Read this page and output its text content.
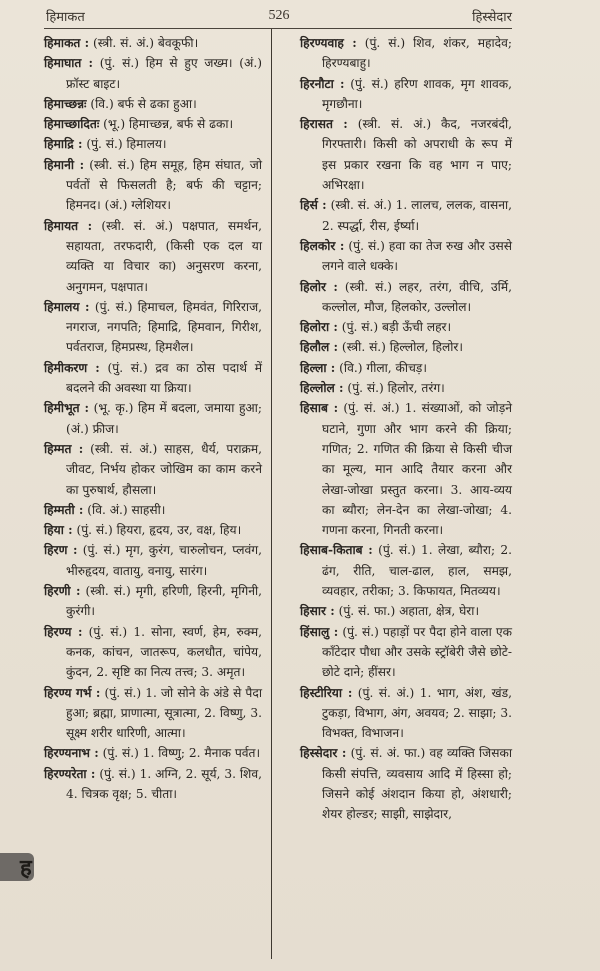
हिमाकत	526	हिस्सेदार

हिमाकत : (स्त्री. सं. अं.) बेवकूफी।

हिमाघात : (पुं. सं.) हिम से हुए जख्म। (अं.) फ्रॉस्ट बाइट।

हिमाच्छन्नः (वि.) बर्फ से ढका हुआ।

हिमाच्छादितः (भू.) हिमाच्छन्न, बर्फ से ढका।

हिमाद्रि : (पुं. सं.) हिमालय।

हिमानी : (स्त्री. सं.) हिम समूह, हिम संघात, जो पर्वतों से फिसलती है; बर्फ की चट्टान; हिमनद। (अं.) ग्लेशियर।

हिमायत : (स्त्री. सं. अं.) पक्षपात, समर्थन, सहायता, तरफदारी, (किसी एक दल या व्यक्ति या विचार का) अनुसरण करना, अनुगमन, पक्षपात।

हिमालय : (पुं. सं.) हिमाचल, हिमवंत, गिरिराज, नगराज, नगपति; हिमाद्रि, हिमवान, गिरीश, पर्वतराज, हिमप्रस्थ, हिमशैल।

हिमीकरण : (पुं. सं.) द्रव का ठोस पदार्थ में बदलने की अवस्था या क्रिया।

हिमीभूत : (भू. कृ.) हिम में बदला, जमाया हुआ; (अं.) फ्रीज।

हिम्मत : (स्त्री. सं. अं.) साहस, धैर्य, पराक्रम, जीवट, निर्भय होकर जोखिम का काम करने का पुरुषार्थ, हौसला।

हिम्मती : (वि. अं.) साहसी।

हिया : (पुं. सं.) हियरा, हृदय, उर, वक्ष, हिय।

हिरण : (पुं. सं.) मृग, कुरंग, चारुलोचन, प्लवंग, भीरुहृदय, वातायु, वनायु, सारंग।

हिरणी : (स्त्री. सं.) मृगी, हरिणी, हिरनी, मृगिनी, कुरंगी।

हिरण्य : (पुं. सं.) 1. सोना, स्वर्ण, हेम, रुक्म, कनक, कांचन, जातरूप, कलधौत, चांपेय, कुंदन, 2. सृष्टि का नित्य तत्त्व; 3. अमृत।

हिरण्य गर्भ : (पुं. सं.) 1. जो सोने के अंडे से पैदा हुआ; ब्रह्मा, प्राणात्मा, सूत्रात्मा, 2. विष्णु, 3. सूक्ष्म शरीर धारिणी, आत्मा।

हिरण्यनाभ : (पुं. सं.) 1. विष्णु; 2. मैनाक पर्वत।

हिरण्यरेता : (पुं. सं.) 1. अग्नि, 2. सूर्य, 3. शिव, 4. चित्रक वृक्ष; 5. चीता।

हिरण्यवाह : (पुं. सं.) शिव, शंकर, महादेव; हिरण्यबाहु।

हिरनौटा : (पुं. सं.) हरिण शावक, मृग शावक, मृगछौना।

हिरासत : (स्त्री. सं. अं.) कैद, नजरबंदी, गिरफ्तारी। किसी को अपराधी के रूप में इस प्रकार रखना कि वह भाग न पाए; अभिरक्षा।

हिर्स : (स्त्री. सं. अं.) 1. लालच, ललक, वासना, 2. स्पर्द्धा, रीस, ईर्ष्या।

हिलकोर : (पुं. सं.) हवा का तेज रुख और उससे लगने वाले धक्के।

हिलोर : (स्त्री. सं.) लहर, तरंग, वीचि, उर्मि, कल्लोल, मौज, हिलकोर, उल्लोल।

हिलोरा : (पुं. सं.) बड़ी ऊँची लहर।

हिलौल : (स्त्री. सं.) हिल्लोल, हिलोर।

हिल्ला : (वि.) गीला, कीचड़।

हिल्लोल : (पुं. सं.) हिलोर, तरंग।

हिसाब : (पुं. सं. अं.) 1. संख्याओं, को जोड़ने घटाने, गुणा और भाग करने की क्रिया; गणित; 2. गणित की क्रिया से किसी चीज का मूल्य, मान आदि तैयार करना और लेखा-जोखा प्रस्तुत करना। 3. आय-व्यय का ब्यौरा; लेन-देन का लेखा-जोखा; 4. गणना करना, गिनती करना।

हिसाब-किताब : (पुं. सं.) 1. लेखा, ब्यौरा; 2. ढंग, रीति, चाल-ढाल, हाल, समझ, व्यवहार, तरीका; 3. किफायत, मितव्यय।

हिसार : (पुं. सं. फा.) अहाता, क्षेत्र, घेरा।

हिंसालु : (पुं. सं.) पहाड़ों पर पैदा होने वाला एक काँटेदार पौधा और उसके स्ट्रॉबेरी जैसे छोटे-छोटे दाने; हींसर।

हिस्टीरिया : (पुं. सं. अं.) 1. भाग, अंश, खंड, टुकड़ा, विभाग, अंग, अवयव; 2. साझा; 3. विभक्त, विभाजन।

हिस्सेदार : (पुं. सं. अं. फा.) वह व्यक्ति जिसका किसी संपत्ति, व्यवसाय आदि में हिस्सा हो; जिसने कोई अंशदान किया हो, अंशधारी; शेयर होल्डर; साझी, साझेदार,

ह
